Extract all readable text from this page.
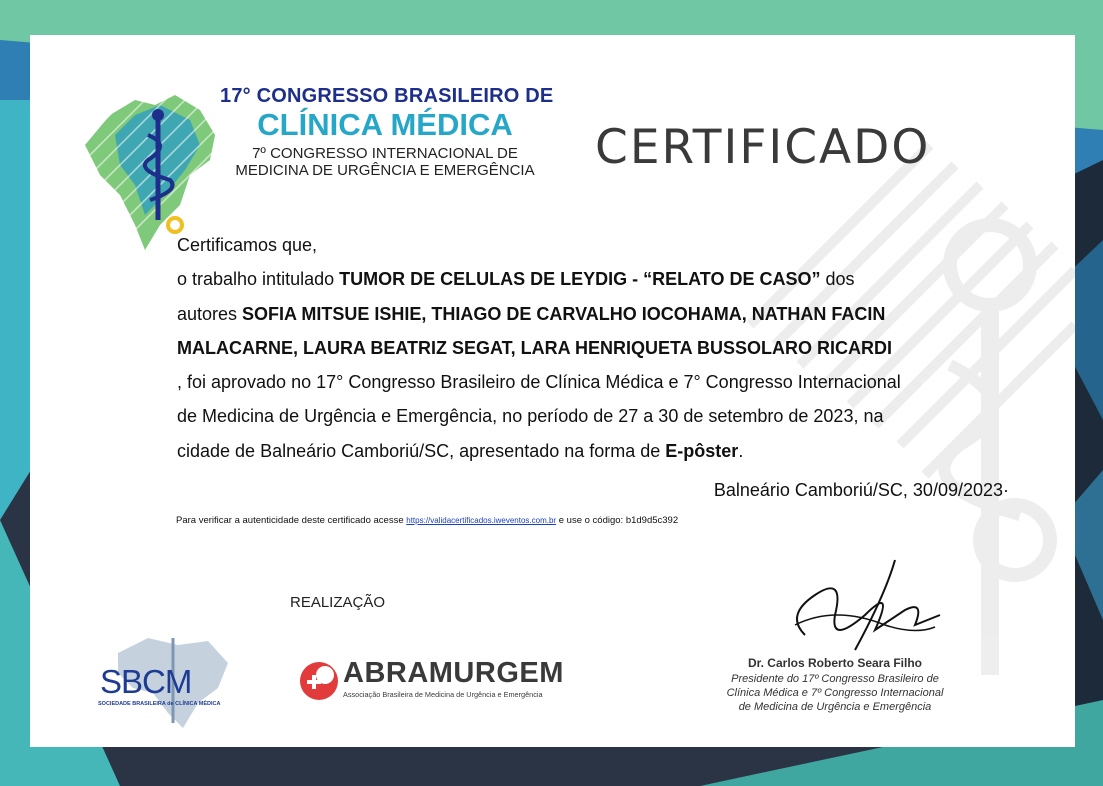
17° CONGRESSO BRASILEIRO DE
CLÍNICA MÉDICA
7º CONGRESSO INTERNACIONAL DE
MEDICINA DE URGÊNCIA E EMERGÊNCIA	CERTIFICADO
Certificamos que,
o trabalho intitulado TUMOR DE CELULAS DE LEYDIG - “RELATO DE CASO” dos
autores SOFIA MITSUE ISHIE, THIAGO DE CARVALHO IOCOHAMA, NATHAN FACIN
MALACARNE, LAURA BEATRIZ SEGAT, LARA HENRIQUETA BUSSOLARO RICARDI
, foi aprovado no 17° Congresso Brasileiro de Clínica Médica e 7° Congresso Internacional
de Medicina de Urgência e Emergência, no período de 27 a 30 de setembro de 2023, na
cidade de Balneário Camboriú/SC, apresentado na forma de E-pôster.
Balneário Camboriú/SC, 30/09/2023·
Para verificar a autenticidade deste certificado acesse https://validacertificados.iweventos.com.br e use o código: b1d9d5c392
REALIZAÇÃO
SBCM
SOCIEDADE BRASILEIRA de CLÍNICA MÉDICA
ABRAMURGEM
Associação Brasileira de Medicina de Urgência e Emergência
Dr. Carlos Roberto Seara Filho
Presidente do 17º Congresso Brasileiro de
Clínica Médica e 7º Congresso Internacional
de Medicina de Urgência e Emergência
